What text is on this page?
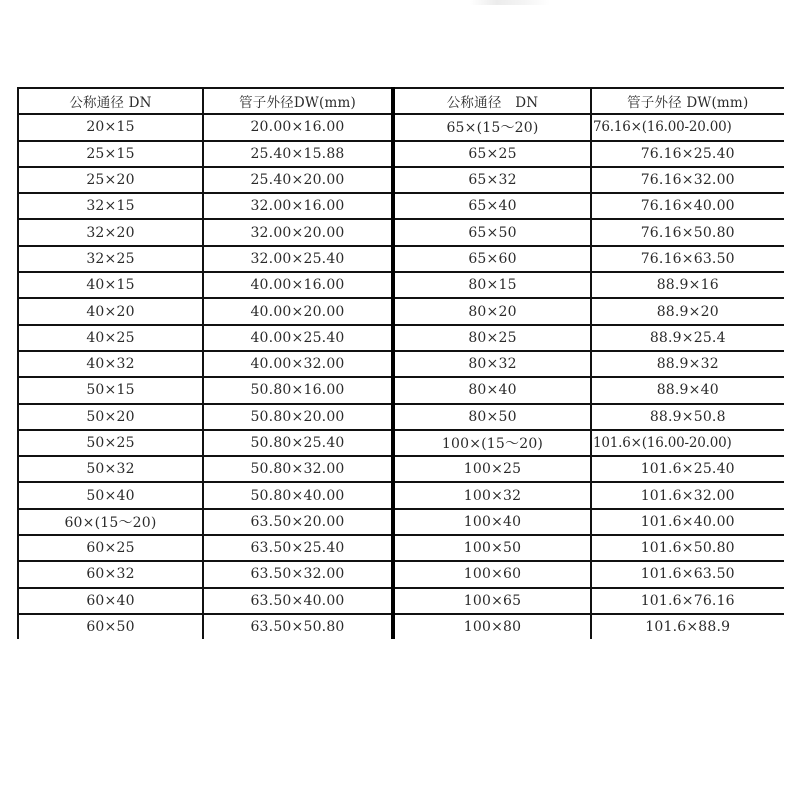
公称通径 DN	管子外径DW(mm)	公称通径　DN	管子外径 DW(mm)
20×15	20.00×16.00	65×(15～20)	76.16×(16.00-20.00)
25×15	25.40×15.88	65×25	76.16×25.40
25×20	25.40×20.00	65×32	76.16×32.00
32×15	32.00×16.00	65×40	76.16×40.00
32×20	32.00×20.00	65×50	76.16×50.80
32×25	32.00×25.40	65×60	76.16×63.50
40×15	40.00×16.00	80×15	88.9×16
40×20	40.00×20.00	80×20	88.9×20
40×25	40.00×25.40	80×25	88.9×25.4
40×32	40.00×32.00	80×32	88.9×32
50×15	50.80×16.00	80×40	88.9×40
50×20	50.80×20.00	80×50	88.9×50.8
50×25	50.80×25.40	100×(15～20)	101.6×(16.00-20.00)
50×32	50.80×32.00	100×25	101.6×25.40
50×40	50.80×40.00	100×32	101.6×32.00
60×(15～20)	63.50×20.00	100×40	101.6×40.00
60×25	63.50×25.40	100×50	101.6×50.80
60×32	63.50×32.00	100×60	101.6×63.50
60×40	63.50×40.00	100×65	101.6×76.16
60×50	63.50×50.80	100×80	101.6×88.9
